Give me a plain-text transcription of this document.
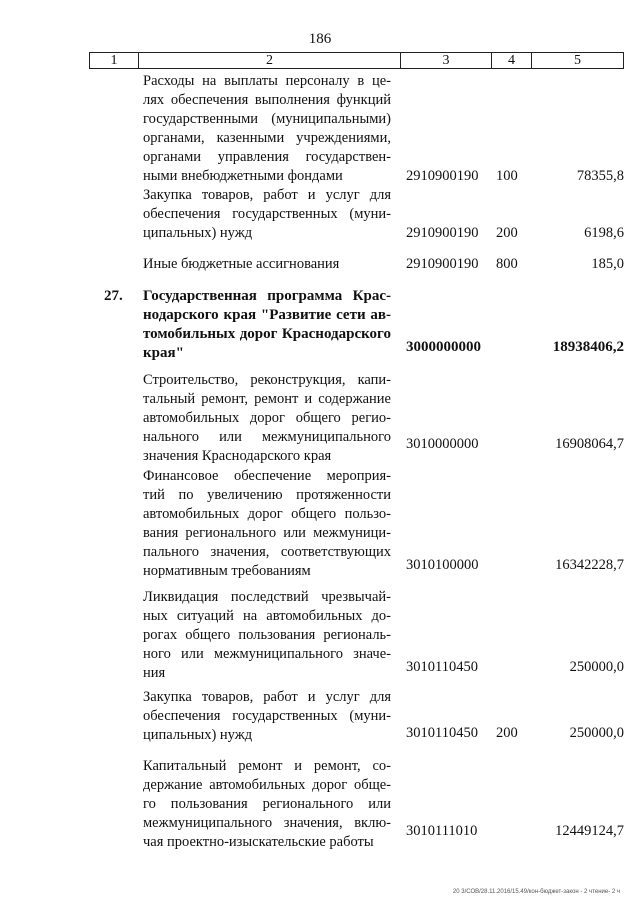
186
1	2	3	4	5
Расходы на выплаты персоналу в це-
лях обеспечения выполнения функций
государственными (муниципальными)
органами, казенными учреждениями,
органами управления государствен-
ными внебюджетными фондами	2910900190 100	78355,8
Закупка товаров, работ и услуг для
обеспечения государственных (муни-
ципальных) нужд	2910900190 200	6198,6
Иные бюджетные ассигнования	2910900190 800	185,0
27.	Государственная программа Крас-
нодарского края "Развитие сети ав-
томобильных дорог Краснодарского
края"	3000000000	18938406,2
Строительство, реконструкция, капи-
тальный ремонт, ремонт и содержание
автомобильных дорог общего регио-
нального или межмуниципального
значения Краснодарского края
3010000000	16908064,7
Финансовое обеспечение мероприя-
тий по увеличению протяженности
автомобильных дорог общего пользо-
вания регионального или межмуници-
пального значения, соответствующих
нормативным требованиям	3010100000	16342228,7
Ликвидация последствий чрезвычай-
ных ситуаций на автомобильных до-
рогах общего пользования региональ-
ного или межмуниципального значе-
ния	3010110450	250000,0
Закупка товаров, работ и услуг для
обеспечения государственных (муни-
ципальных) нужд	3010110450 200	250000,0
Капитальный ремонт и ремонт, со-
держание автомобильных дорог обще-
го пользования регионального или
межмуниципального значения, вклю-
чая проектно-изыскательские работы
3010111010	12449124,7
20 3/СОВ/28.11.2016/15.49/кон-бюджет-закон - 2 чтение- 2 ч
